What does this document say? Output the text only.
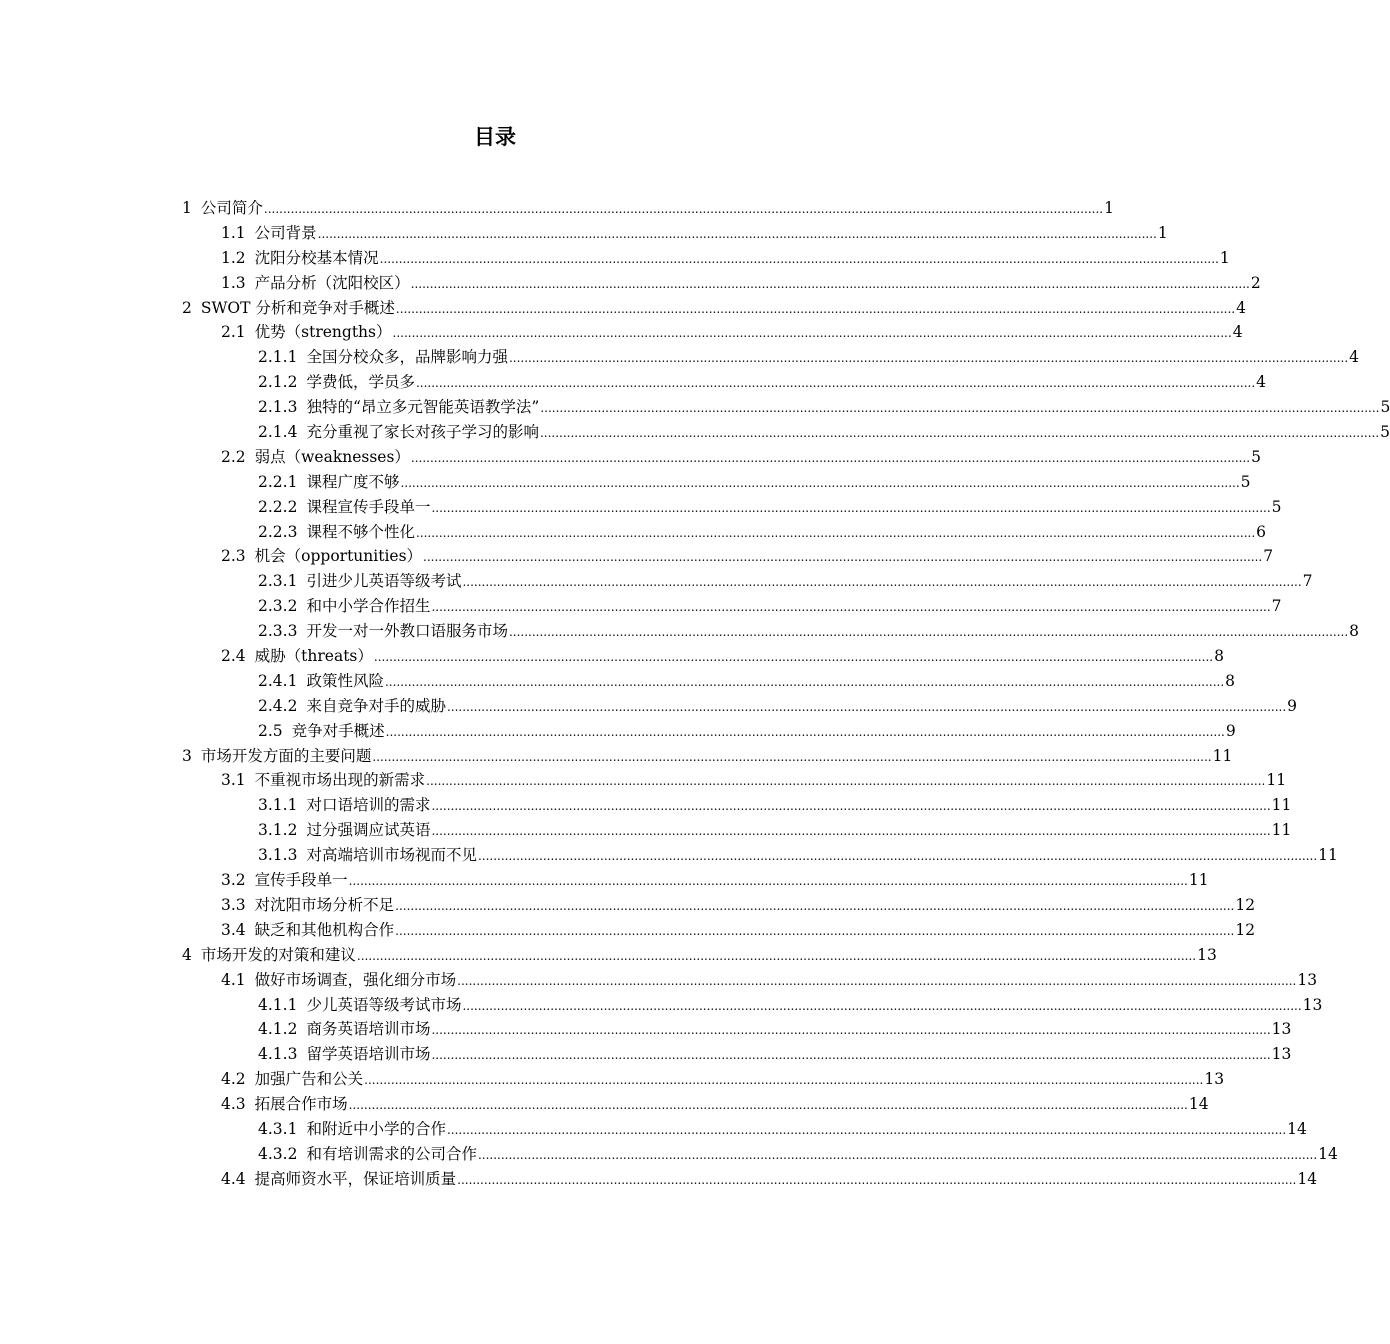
目录
1 公司简介 ............................................................................................................................................................................................................................ 1
1.1 公司背景 ............................................................................................................................................................................................................................ 1
1.2 沈阳分校基本情况 ............................................................................................................................................................................................................................ 1
1.3 产品分析（沈阳校区） ............................................................................................................................................................................................................................ 2
2 SWOT 分析和竞争对手概述 ............................................................................................................................................................................................................................ 4
2.1 优势（strengths） ............................................................................................................................................................................................................................ 4
2.1.1 全国分校众多，品牌影响力强 ............................................................................................................................................................................................................................ 4
2.1.2 学费低，学员多 ............................................................................................................................................................................................................................ 4
2.1.3 独特的“昂立多元智能英语教学法” ............................................................................................................................................................................................................................ 5
2.1.4 充分重视了家长对孩子学习的影响 ............................................................................................................................................................................................................................ 5
2.2 弱点（weaknesses） ............................................................................................................................................................................................................................ 5
2.2.1 课程广度不够 ............................................................................................................................................................................................................................ 5
2.2.2 课程宣传手段单一 ............................................................................................................................................................................................................................ 5
2.2.3 课程不够个性化 ............................................................................................................................................................................................................................ 6
2.3 机会（opportunities） ............................................................................................................................................................................................................................ 7
2.3.1 引进少儿英语等级考试 ............................................................................................................................................................................................................................ 7
2.3.2 和中小学合作招生 ............................................................................................................................................................................................................................ 7
2.3.3 开发一对一外教口语服务市场 ............................................................................................................................................................................................................................ 8
2.4 威胁（threats） ............................................................................................................................................................................................................................ 8
2.4.1 政策性风险 ............................................................................................................................................................................................................................ 8
2.4.2 来自竞争对手的威胁 ............................................................................................................................................................................................................................ 9
2.5 竞争对手概述 ............................................................................................................................................................................................................................ 9
3 市场开发方面的主要问题 ............................................................................................................................................................................................................................ 11
3.1 不重视市场出现的新需求 ............................................................................................................................................................................................................................ 11
3.1.1 对口语培训的需求 ............................................................................................................................................................................................................................ 11
3.1.2 过分强调应试英语 ............................................................................................................................................................................................................................ 11
3.1.3 对高端培训市场视而不见 ............................................................................................................................................................................................................................ 11
3.2 宣传手段单一 ............................................................................................................................................................................................................................ 11
3.3 对沈阳市场分析不足 ............................................................................................................................................................................................................................ 12
3.4 缺乏和其他机构合作 ............................................................................................................................................................................................................................ 12
4 市场开发的对策和建议 ............................................................................................................................................................................................................................ 13
4.1 做好市场调查，强化细分市场 ............................................................................................................................................................................................................................ 13
4.1.1 少儿英语等级考试市场 ............................................................................................................................................................................................................................ 13
4.1.2 商务英语培训市场 ............................................................................................................................................................................................................................ 13
4.1.3 留学英语培训市场 ............................................................................................................................................................................................................................ 13
4.2 加强广告和公关 ............................................................................................................................................................................................................................ 13
4.3 拓展合作市场 ............................................................................................................................................................................................................................ 14
4.3.1 和附近中小学的合作 ............................................................................................................................................................................................................................ 14
4.3.2 和有培训需求的公司合作 ............................................................................................................................................................................................................................ 14
4.4 提高师资水平，保证培训质量 ............................................................................................................................................................................................................................ 14
